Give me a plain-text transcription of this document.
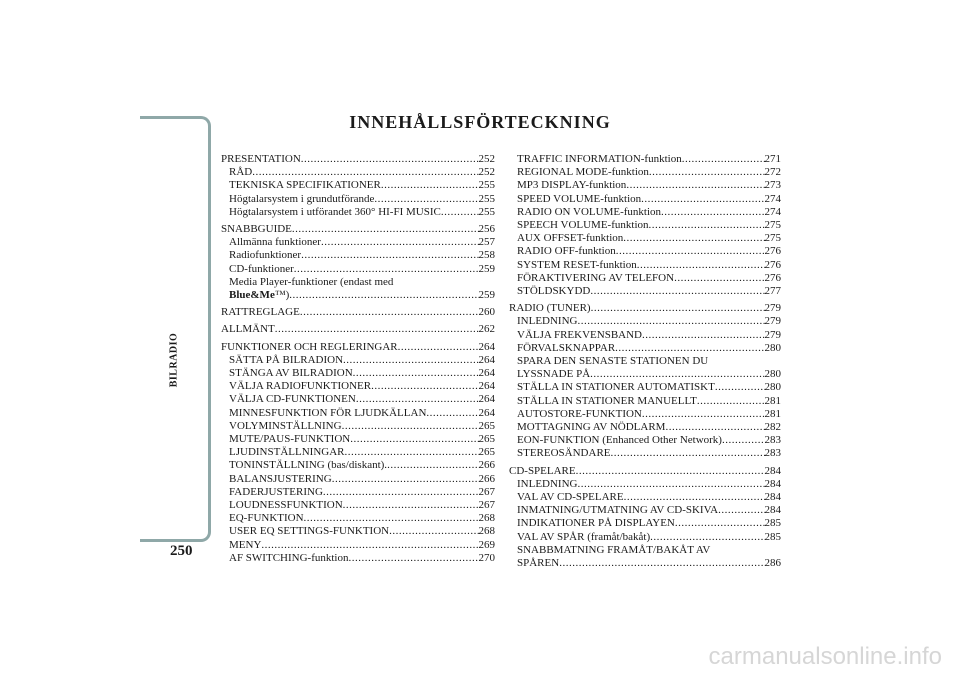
BILRADIO
250
INNEHÅLLSFÖRTECKNING
PRESENTATION .....	252
RÅD .....	252
TEKNISKA SPECIFIKATIONER .....	255
Högtalarsystem i grundutförande .....	255
Högtalarsystem i utförandet 360° HI-FI MUSIC .....	255
SNABBGUIDE .....	256
Allmänna funktioner .....	257
Radiofunktioner .....	258
CD-funktioner .....	259
Media Player-funktioner (endast med
Blue&Me™) .....	259
RATTREGLAGE .....	260
ALLMÄNT .....	262
FUNKTIONER OCH REGLERINGAR .....	264
SÄTTA PÅ BILRADION .....	264
STÄNGA AV BILRADION .....	264
VÄLJA RADIOFUNKTIONER .....	264
VÄLJA CD-FUNKTIONEN .....	264
MINNESFUNKTION FÖR LJUDKÄLLAN .....	264
VOLYMINSTÄLLNING .....	265
MUTE/PAUS-FUNKTION .....	265
LJUDINSTÄLLNINGAR .....	265
TONINSTÄLLNING (bas/diskant). .....	266
BALANSJUSTERING .....	266
FADERJUSTERING .....	267
LOUDNESSFUNKTION .....	267
EQ-FUNKTION .....	268
USER EQ SETTINGS-FUNKTION .....	268
MENY .....	269
AF SWITCHING-funktion .....	270
TRAFFIC INFORMATION-funktion .....	271
REGIONAL MODE-funktion .....	272
MP3 DISPLAY-funktion .....	273
SPEED VOLUME-funktion .....	274
RADIO ON VOLUME-funktion .....	274
SPEECH VOLUME-funktion .....	275
AUX OFFSET-funktion .....	275
RADIO OFF-funktion .....	276
SYSTEM RESET-funktion .....	276
FÖRAKTIVERING AV TELEFON .....	276
STÖLDSKYDD .....	277
RADIO (TUNER) .....	279
INLEDNING .....	279
VÄLJA FREKVENSBAND .....	279
FÖRVALSKNAPPAR .....	280
SPARA DEN SENASTE STATIONEN DU
LYSSNADE PÅ .....	280
STÄLLA IN STATIONER AUTOMATISKT .....	280
STÄLLA IN STATIONER MANUELLT .....	281
AUTOSTORE-FUNKTION .....	281
MOTTAGNING AV NÖDLARM .....	282
EON-FUNKTION (Enhanced Other Network) .....	283
STEREOSÄNDARE .....	283
CD-SPELARE .....	284
INLEDNING .....	284
VAL AV CD-SPELARE .....	284
INMATNING/UTMATNING AV CD-SKIVA .....	284
INDIKATIONER PÅ DISPLAYEN .....	285
VAL AV SPÅR (framåt/bakåt) .....	285
SNABBMATNING FRAMÅT/BAKÅT AV
SPÅREN .....	286
carmanualsonline.info
